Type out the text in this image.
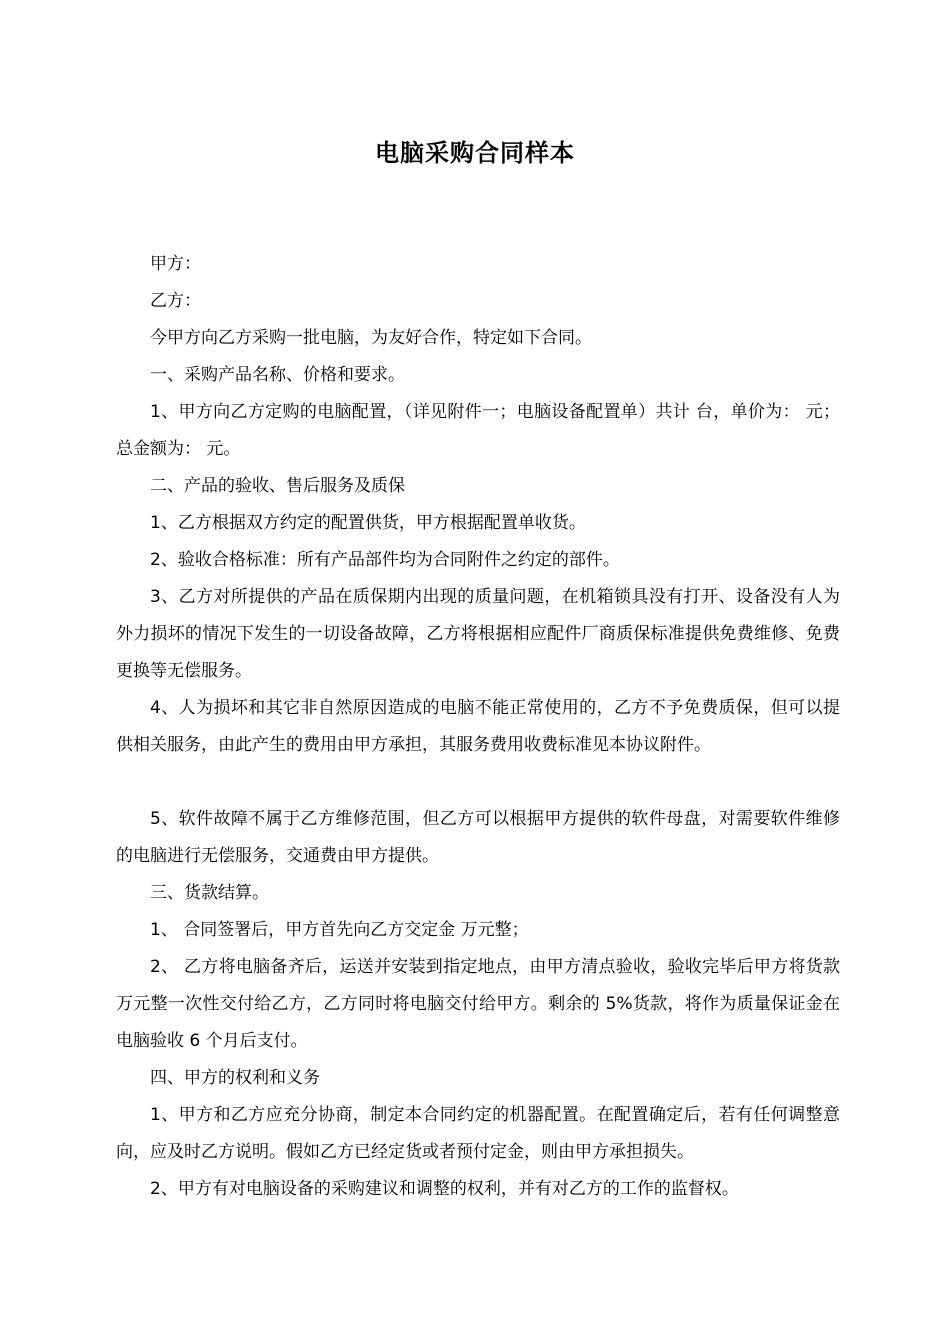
电脑采购合同样本

甲方：

乙方：

今甲方向乙方采购一批电脑，为友好合作，特定如下合同。

一、采购产品名称、价格和要求。

1、甲方向乙方定购的电脑配置，（详见附件一；电脑设备配置单）共计 台，单价为： 元； 总金额为： 元。

二、产品的验收、售后服务及质保

1、乙方根据双方约定的配置供货，甲方根据配置单收货。

2、验收合格标准：所有产品部件均为合同附件之约定的部件。

3、乙方对所提供的产品在质保期内出现的质量问题，在机箱锁具没有打开、设备没有人为外力损坏的情况下发生的一切设备故障，乙方将根据相应配件厂商质保标准提供免费维修、免费更换等无偿服务。

4、人为损坏和其它非自然原因造成的电脑不能正常使用的，乙方不予免费质保，但可以提供相关服务，由此产生的费用由甲方承担，其服务费用收费标准见本协议附件。

5、软件故障不属于乙方维修范围，但乙方可以根据甲方提供的软件母盘，对需要软件维修的电脑进行无偿服务，交通费由甲方提供。

三、货款结算。

1、 合同签署后，甲方首先向乙方交定金 万元整；

2、 乙方将电脑备齐后，运送并安装到指定地点，由甲方清点验收，验收完毕后甲方将货款 万元整一次性交付给乙方，乙方同时将电脑交付给甲方。剩余的 5%货款，将作为质量保证金在电脑验收 6 个月后支付。

四、甲方的权利和义务

1、甲方和乙方应充分协商，制定本合同约定的机器配置。在配置确定后，若有任何调整意向，应及时乙方说明。假如乙方已经定货或者预付定金，则由甲方承担损失。

2、甲方有对电脑设备的采购建议和调整的权利，并有对乙方的工作的监督权。
